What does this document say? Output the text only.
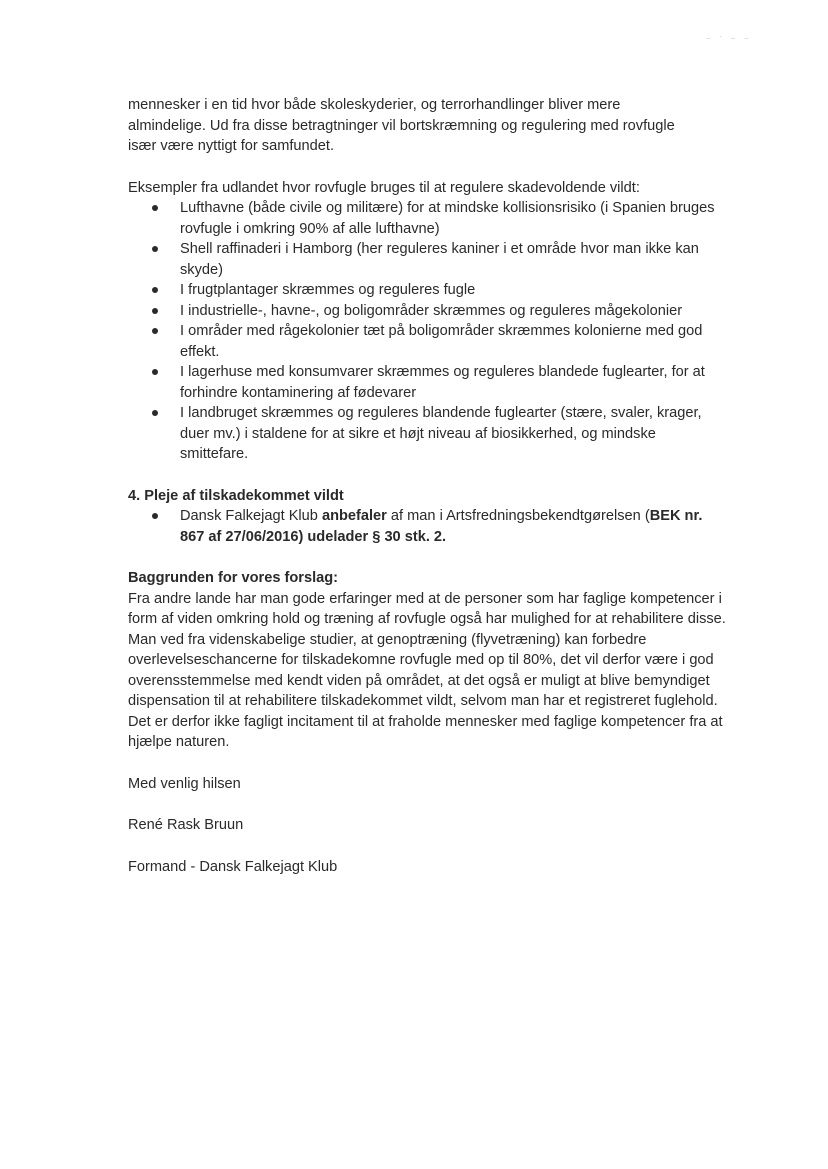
⁻ ˙ ⁻ ⁻

mennesker i en tid hvor både skoleskyderier, og terrorhandlinger bliver mere almindelige. Ud fra disse betragtninger vil bortskræmning og regulering med rovfugle især være nyttigt for samfundet.

Eksempler fra udlandet hvor rovfugle bruges til at regulere skadevoldende vildt:

Lufthavne (både civile og militære) for at mindske kollisionsrisiko (i Spanien bruges rovfugle i omkring 90% af alle lufthavne)
Shell raffinaderi i Hamborg (her reguleres kaniner i et område hvor man ikke kan skyde)
I frugtplantager skræmmes og reguleres fugle
I industrielle-, havne-, og boligområder skræmmes og reguleres mågekolonier
I områder med rågekolonier tæt på boligområder skræmmes kolonierne med god effekt.
I lagerhuse med konsumvarer skræmmes og reguleres blandede fuglearter, for at forhindre kontaminering af fødevarer
I landbruget skræmmes og reguleres blandende fuglearter (stære, svaler, krager, duer mv.) i staldene for at sikre et højt niveau af biosikkerhed, og mindske smittefare.

4. Pleje af tilskadekommet vildt

Dansk Falkejagt Klub anbefaler af man i Artsfredningsbekendtgørelsen (BEK nr. 867 af 27/06/2016) udelader § 30 stk. 2.

Baggrunden for vores forslag:

Fra andre lande har man gode erfaringer med at de personer som har faglige kompetencer i form af viden omkring hold og træning af rovfugle også har mulighed for at rehabilitere disse. Man ved fra videnskabelige studier, at genoptræning (flyvetræning) kan forbedre overlevelseschancerne for tilskadekomne rovfugle med op til 80%, det vil derfor være i god overensstemmelse med kendt viden på området, at det også er muligt at blive bemyndiget dispensation til at rehabilitere tilskadekommet vildt, selvom man har et registreret fuglehold. Det er derfor ikke fagligt incitament til at fraholde mennesker med faglige kompetencer fra at hjælpe naturen.

Med venlig hilsen

René Rask Bruun

Formand - Dansk Falkejagt Klub
